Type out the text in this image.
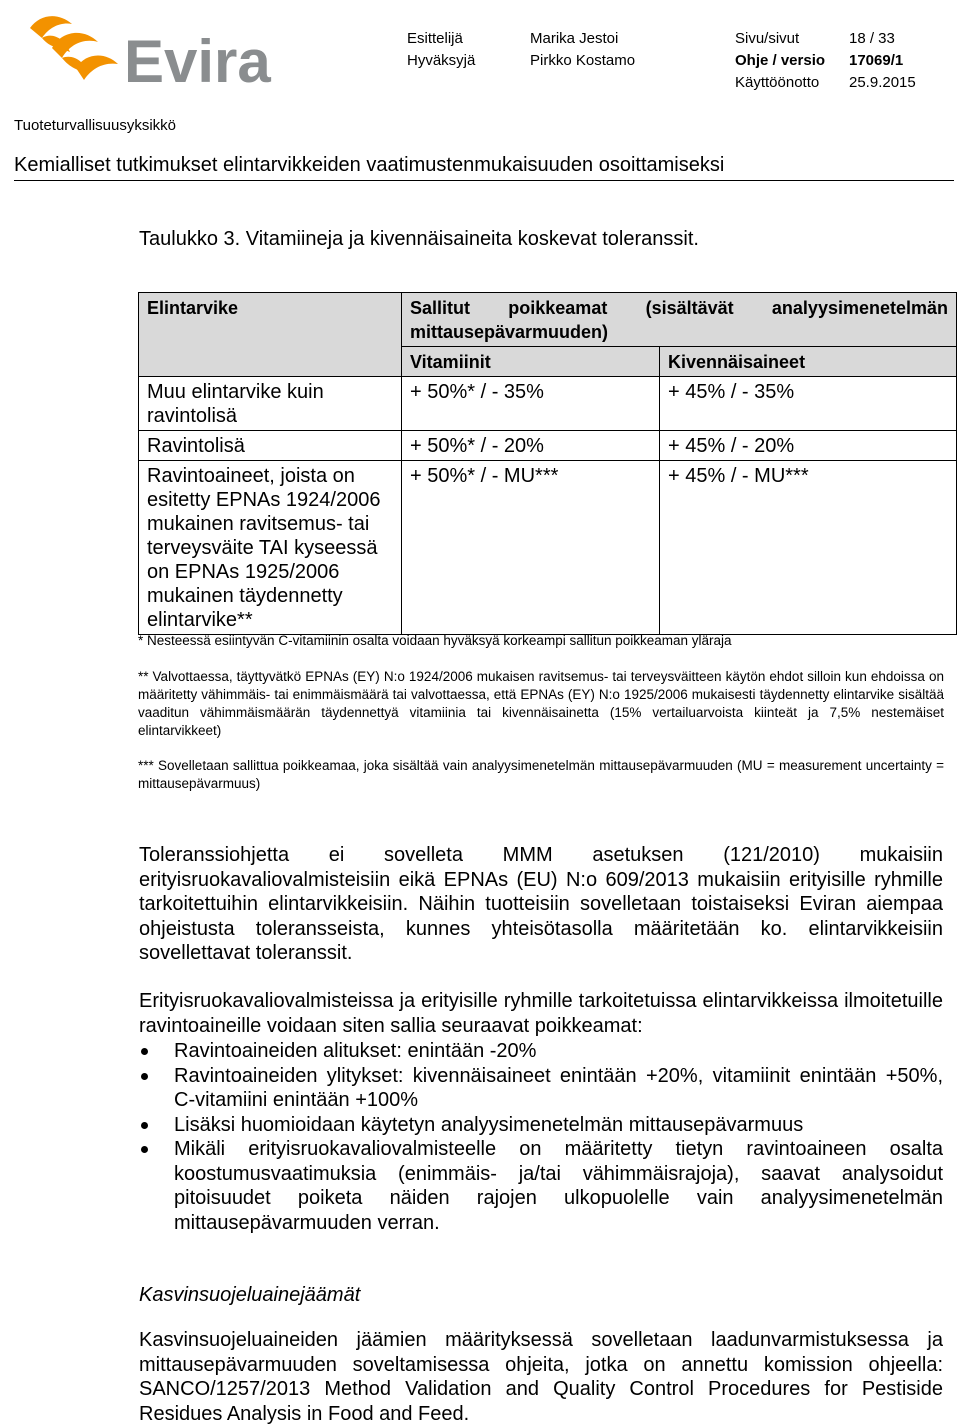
Evira	Esittelijä	Marika Jestoi	Sivu/sivut	18 / 33
Hyväksyjä	Pirkko Kostamo	Ohje / versio 17069/1
Käyttöönotto 25.9.2015
Tuoteturvallisuusyksikkö
Kemialliset tutkimukset elintarvikkeiden vaatimustenmukaisuuden osoittamiseksi
Taulukko 3. Vitamiineja ja kivennäisaineita koskevat toleranssit.
Elintarvike	Sallitut poikkeamat (sisältävät analyysimenetelmän mittausepävarmuuden)	
	Vitamiinit	Kivennäisaineet
Muu elintarvike kuin ravintolisä	+ 50%* / - 35%	+ 45% / - 35%
Ravintolisä	+ 50%* / - 20%	+ 45% / - 20%
Ravintoaineet, joista on esitetty EPNAs 1924/2006 mukainen ravitsemus- tai terveysväite TAI kyseessä on EPNAs 1925/2006 mukainen täydennetty elintarvike**	+ 50%* / - MU***	+ 45% / - MU***
* Nesteessä esiintyvän C-vitamiinin osalta voidaan hyväksyä korkeampi sallitun poikkeaman yläraja
** Valvottaessa, täyttyvätkö EPNAs (EY) N:o 1924/2006 mukaisen ravitsemus- tai terveysväitteen käytön ehdot silloin kun ehdoissa on määritetty vähimmäis- tai enimmäismäärä tai valvottaessa, että EPNAs (EY) N:o 1925/2006 mukaisesti täydennetty elintarvike sisältää vaaditun vähimmäismäärän täydennettyä vitamiinia tai kivennäisainetta (15% vertailuarvoista kiinteät ja 7,5% nestemäiset elintarvikkeet)
*** Sovelletaan sallittua poikkeamaa, joka sisältää vain analyysimenetelmän mittausepävarmuuden (MU = measurement uncertainty = mittausepävarmuus)
Toleranssiohjetta ei sovelleta MMM asetuksen (121/2010) mukaisiin erityisruokavaliovalmisteisiin eikä EPNAs (EU) N:o 609/2013 mukaisiin erityisille ryhmille tarkoitettuihin elintarvikkeisiin. Näihin tuotteisiin sovelletaan toistaiseksi Eviran aiempaa ohjeistusta toleransseista, kunnes yhteisötasolla määritetään ko. elintarvikkeisiin sovellettavat toleranssit.
Erityisruokavaliovalmisteissa ja erityisille ryhmille tarkoitetuissa elintarvikkeissa ilmoitetuille ravintoaineille voidaan siten sallia seuraavat poikkeamat:
Ravintoaineiden alitukset: enintään -20%
Ravintoaineiden ylitykset: kivennäisaineet enintään +20%, vitamiinit enintään +50%, C-vitamiini enintään +100%
Lisäksi huomioidaan käytetyn analyysimenetelmän mittausepävarmuus
Mikäli erityisruokavaliovalmisteelle on määritetty tietyn ravintoaineen osalta koostumusvaatimuksia (enimmäis- ja/tai vähimmäisrajoja), saavat analysoidut pitoisuudet poiketa näiden rajojen ulkopuolelle vain analyysimenetelmän mittausepävarmuuden verran.
Kasvinsuojeluainejäämät
Kasvinsuojeluaineiden jäämien määrityksessä sovelletaan laadunvarmistuksessa ja mittausepävarmuuden soveltamisessa ohjeita, jotka on annettu komission ohjeella: SANCO/1257/2013 Method Validation and Quality Control Procedures for Pestiside Residues Analysis in Food and Feed.
